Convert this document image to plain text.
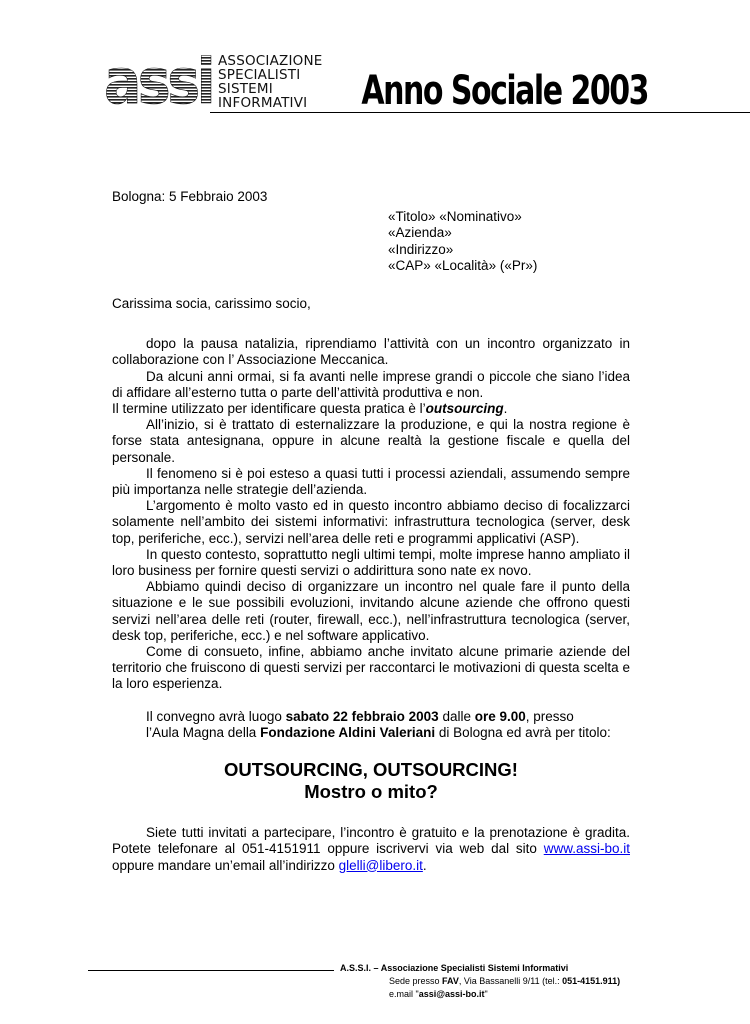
assi ASSOCIAZIONE
SPECIALISTI
SISTEMI
INFORMATIVI	Anno Sociale 2003

Bologna: 5 Febbraio 2003

«Titolo» «Nominativo»
«Azienda»
«Indirizzo»
«CAP» «Località» («Pr»)

Carissima socia, carissimo socio,

dopo la pausa natalizia, riprendiamo l’attività con un incontro organizzato in collaborazione con l’ Associazione Meccanica.

Da alcuni anni ormai, si fa avanti nelle imprese grandi o piccole che siano l’idea di affidare all’esterno tutta o parte dell’attività produttiva e non.

Il termine utilizzato per identificare questa pratica è l’outsourcing.

All’inizio, si è trattato di esternalizzare la produzione, e qui la nostra regione è forse stata antesignana, oppure in alcune realtà la gestione fiscale e quella del personale.

Il fenomeno si è poi esteso a quasi tutti i processi aziendali, assumendo sempre più importanza nelle strategie dell’azienda.

L’argomento è molto vasto ed in questo incontro abbiamo deciso di focalizzarci solamente nell’ambito dei sistemi informativi: infrastruttura tecnologica (server, desk top, periferiche, ecc.), servizi nell’area delle reti e programmi applicativi (ASP).

In questo contesto, soprattutto negli ultimi tempi, molte imprese hanno ampliato il loro business per fornire questi servizi o addirittura sono nate ex novo.

Abbiamo quindi deciso di organizzare un incontro nel quale fare il punto della situazione e le sue possibili evoluzioni, invitando alcune aziende che offrono questi servizi nell’area delle reti (router, firewall, ecc.), nell’infrastruttura tecnologica (server, desk top, periferiche, ecc.) e nel software applicativo.

Come di consueto, infine, abbiamo anche invitato alcune primarie aziende del territorio che fruiscono di questi servizi per raccontarci le motivazioni di questa scelta e la loro esperienza.

Il convegno avrà luogo sabato 22 febbraio 2003 dalle ore 9.00, presso
l’Aula Magna della Fondazione Aldini Valeriani di Bologna ed avrà per titolo:
OUTSOURCING, OUTSOURCING!
Mostro o mito?

Siete tutti invitati a partecipare, l’incontro è gratuito e la prenotazione è gradita. Potete telefonare al 051-4151911 oppure iscrivervi via web dal sito www.assi-bo.it oppure mandare un’email all’indirizzo glelli@libero.it.

A.S.S.I. – Associazione Specialisti Sistemi Informativi
Sede presso FAV, Via Bassanelli 9/11 (tel.: 051-4151.911)
e.mail "assi@assi-bo.it"
